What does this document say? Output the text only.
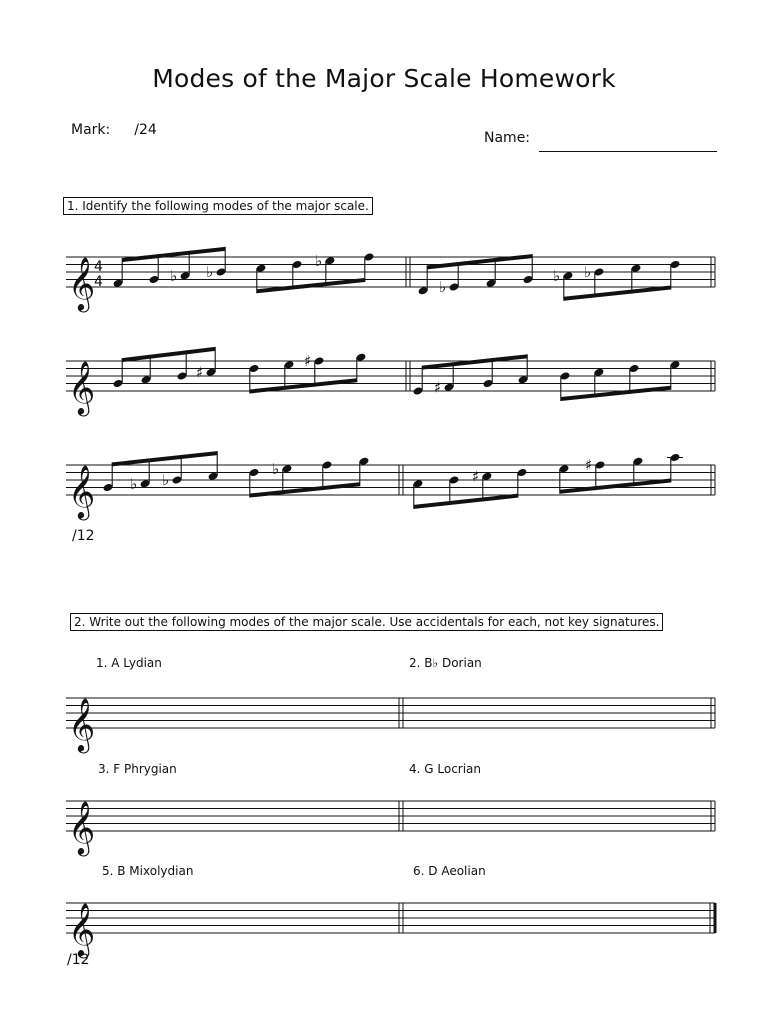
Modes of the Major Scale Homework
Mark: /24	Name:
1. Identify the following modes of the major scale.
/12
2. Write out the following modes of the major scale. Use accidentals for each, not key signatures.
1. A Lydian	2. B♭ Dorian
3. F Phrygian	4. G Locrian
5. B Mixolydian	6. D Aeolian
/12
𝄞
4
4	♭ ♭
♭
♭
♭ ♭
𝄞	♯
♯
♯
𝄞 ♭ ♭
♭	♯
♯
𝄞
𝄞
𝄞
